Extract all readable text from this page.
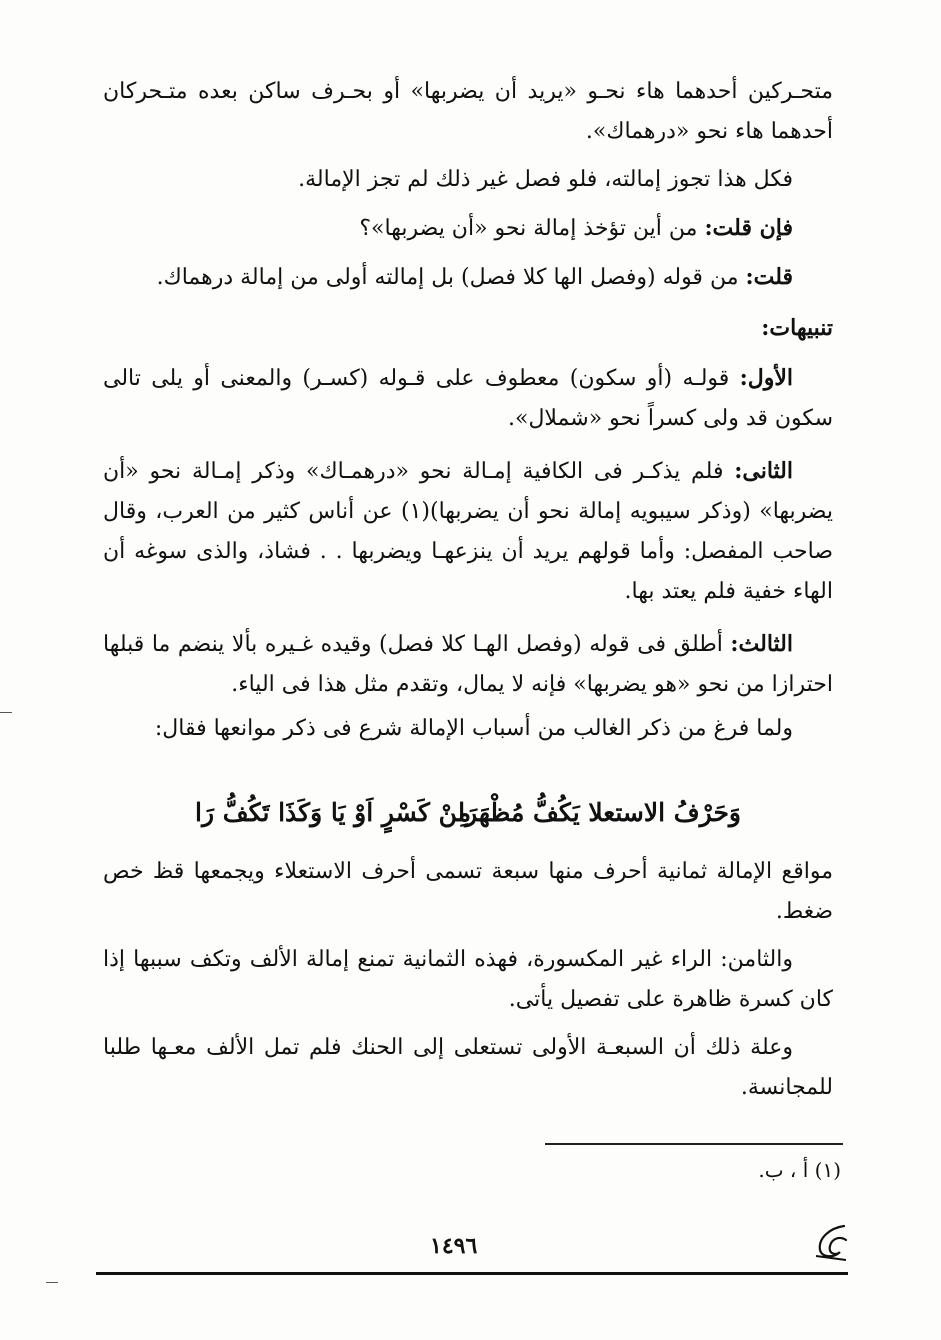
متحـركين أحدهما هاء نحـو «يريد أن يضربها» أو بحـرف ساكن بعده متـحركان أحدهما هاء نحو «درهماك».

فكل هذا تجوز إمالته، فلو فصل غير ذلك لم تجز الإمالة.

فإن قلت: من أين تؤخذ إمالة نحو «أن يضربها»؟

قلت: من قوله (وفصل الها كلا فصل) بل إمالته أولى من إمالة درهماك.

تنبيهات:

الأول: قولـه (أو سكون) معطوف على قـوله (كسـر) والمعنى أو يلى تالى سكون قد ولى كسراً نحو «شملال».

الثانى: فلم يذكـر فى الكافية إمـالة نحو «درهمـاك» وذكر إمـالة نحو «أن يضربها» (وذكر سيبويه إمالة نحو أن يضربها)(١) عن أناس كثير من العرب، وقال صاحب المفصل: وأما قولهم يريد أن ينزعهـا ويضربها . . فشاذ، والذى سوغه أن الهاء خفية فلم يعتد بها.

الثالث: أطلق فى قوله (وفصل الهـا كلا فصل) وقيده غـيره بألا ينضم ما قبلها احترازا من نحو «هو يضربها» فإنه لا يمال، وتقدم مثل هذا فى الياء.

ولما فرغ من ذكر الغالب من أسباب الإمالة شرع فى ذكر موانعها فقال:

وَحَرْفُ الاستعلا يَكُفُّ مُظْهَرَا
مِنْ كَسْرٍ اَوْ يَا وَكَذَا تَكُفُّ رَا

مواقع الإمالة ثمانية أحرف منها سبعة تسمى أحرف الاستعلاء ويجمعها قظ خص ضغط.

والثامن: الراء غير المكسورة، فهذه الثمانية تمنع إمالة الألف وتكف سببها إذا كان كسرة ظاهرة على تفصيل يأتى.

وعلة ذلك أن السبعـة الأولى تستعلى إلى الحنك فلم تمل الألف معـها طلبا للمجانسة.

(١) أ ، ب.
١٤٩٦
